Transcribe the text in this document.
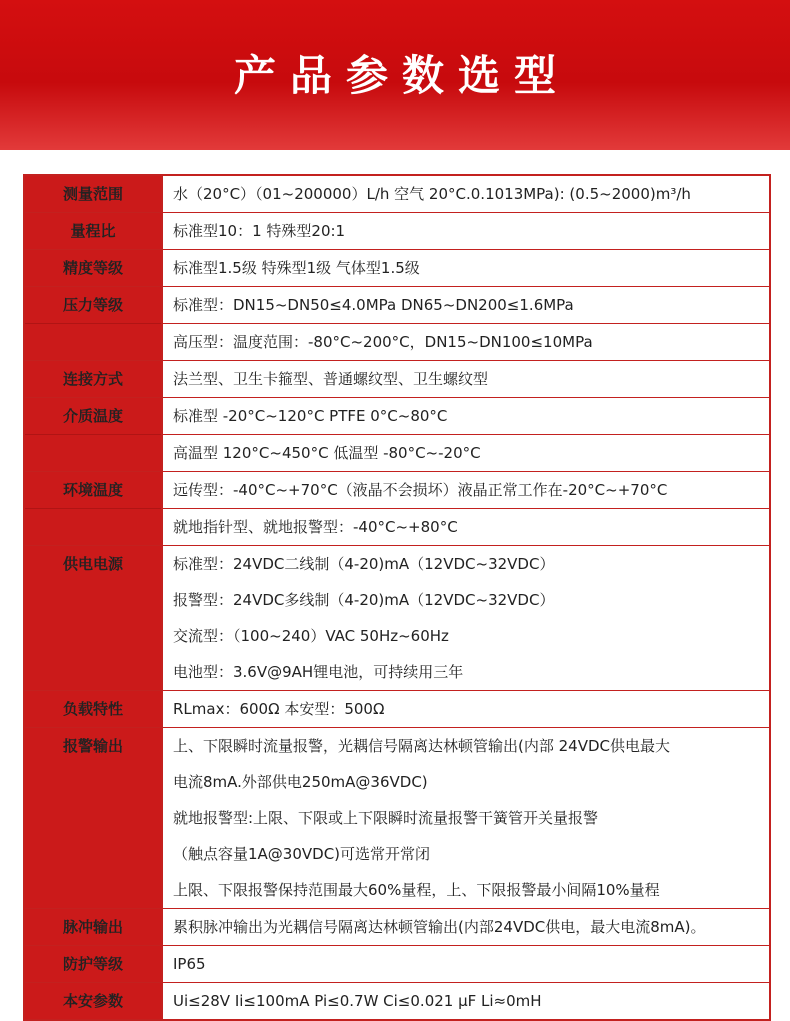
产品参数选型
测量范围	水（20°C）（01~200000）L/h 空气 20°C.0.1013MPa): (0.5~2000)m³/h

量程比	标准型10：1 特殊型20:1

精度等级	标准型1.5级 特殊型1级 气体型1.5级

压力等级	标准型：DN15~DN50≤4.0MPa DN65~DN200≤1.6MPa

	高压型：温度范围：-80°C~200°C，DN15~DN100≤10MPa

连接方式	法兰型、卫生卡箍型、普通螺纹型、卫生螺纹型

介质温度	标准型 -20°C~120°C PTFE 0°C~80°C

	高温型 120°C~450°C 低温型 -80°C~-20°C

环境温度	远传型：-40°C~+70°C（液晶不会损坏）液晶正常工作在-20°C~+70°C

	就地指针型、就地报警型：-40°C~+80°C

供电电源	标准型：24VDC二线制（4-20)mA（12VDC~32VDC）
报警型：24VDC多线制（4-20)mA（12VDC~32VDC）
交流型：（100~240）VAC 50Hz~60Hz
电池型：3.6V@9AH锂电池，可持续用三年

负载特性	RLmax：600Ω 本安型：500Ω

报警输出	上、下限瞬时流量报警，光耦信号隔离达林顿管输出(内部 24VDC供电最大
电流8mA.外部供电250mA@36VDC)
就地报警型:上限、下限或上下限瞬时流量报警干簧管开关量报警
（触点容量1A@30VDC)可选常开常闭
上限、下限报警保持范围最大60%量程，上、下限报警最小间隔10%量程

脉冲输出	累积脉冲输出为光耦信号隔离达林顿管输出(内部24VDC供电，最大电流8mA)。

防护等级	IP65

本安参数	Ui≤28V Ii≤100mA Pi≤0.7W Ci≤0.021 μF Li≈0mH
